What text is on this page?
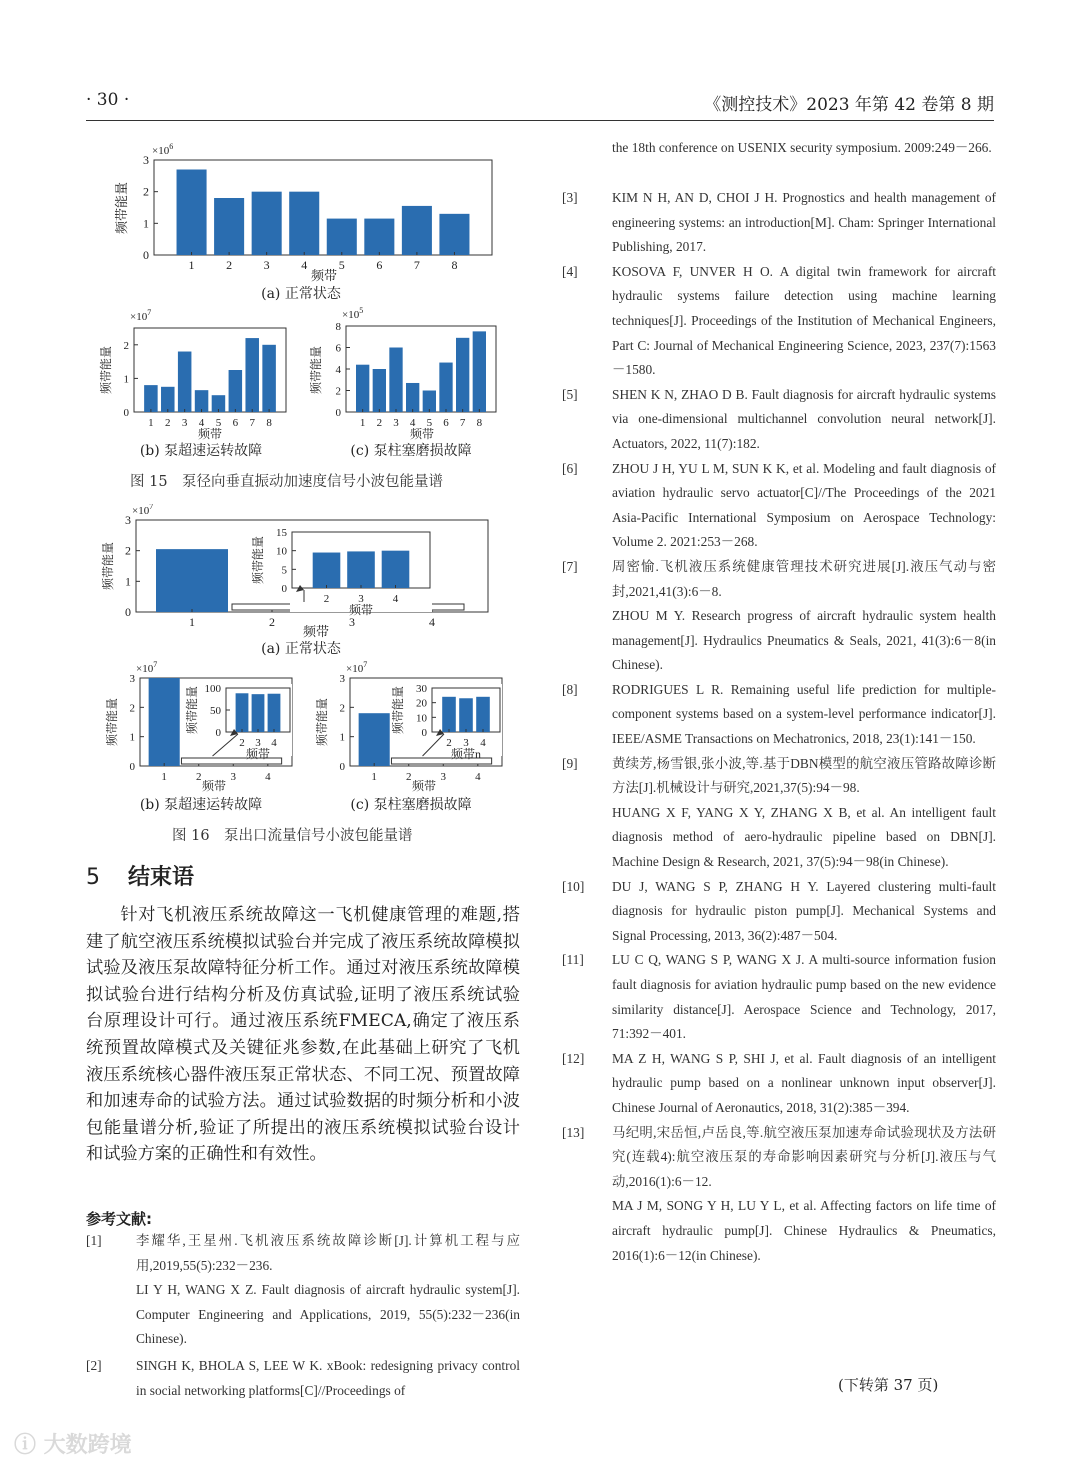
· 30 ·	《测控技术》2023 年第 42 卷第 8 期
0
1
2
3
1	2	3	4	5	6	7	8
$\times 10^6$
频带能量
频带
(a) 正常状态
0
1
2
1 2 3 4 5 6 7 8
$\times 10^7$
频带能量
频带
0
2
4
6
8
1 2 3 4 5 6 7 8
$\times 10^5$
频带能量
频带
(b) 泵超速运转故障	(c) 泵柱塞磨损故障
图 15　泵径向垂直振动加速度信号小波包能量谱
0
1
2
3
1	2	3	4
$\times 10^7$
频带能量	0
5
10
15
2	3	4
频带能量
频带
频带
(a) 正常状态
0
1
2
3
1	2	3	4
$\times 10^7$
频带能量	0
50
100
2 3 4
频带能量
频带
频带
0
1
2
3
1	2	3	4
$\times 10^7$
频带能量	0
10
20
30
2 3 4
频带能量
频带n
频带
(b) 泵超速运转故障	(c) 泵柱塞磨损故障
图 16　泵出口流量信号小波包能量谱
5 结束语
针对飞机液压系统故障这一飞机健康管理的难题,搭建了航空液压系统模拟试验台并完成了液压系统故障模拟试验及液压泵故障特征分析工作。通过对液压系统故障模拟试验台进行结构分析及仿真试验,证明了液压系统试验台原理设计可行。通过液压系统FMECA,确定了液压系统预置故障模式及关键征兆参数,在此基础上研究了飞机液压系统核心器件液压泵正常状态、不同工况、预置故障和加速寿命的试验方法。通过试验数据的时频分析和小波包能量谱分析,验证了所提出的液压系统模拟试验台设计和试验方案的正确性和有效性。
参考文献:
[1]	李耀华,王星州.飞机液压系统故障诊断[J].计算机工程与应用,2019,55(5):232－236.
LI Y H, WANG X Z. Fault diagnosis of aircraft hydraulic system[J]. Computer Engineering and Applications, 2019, 55(5):232－236(in Chinese).
[2]	SINGH K, BHOLA S, LEE W K. xBook: redesigning privacy control in social networking platforms[C]//Proceedings of
the 18th conference on USENIX security symposium. 2009:249－266.
[3]	KIM N H, AN D, CHOI J H. Prognostics and health management of engineering systems: an introduction[M]. Cham: Springer International Publishing, 2017.
[4]	KOSOVA F, UNVER H O. A digital twin framework for aircraft hydraulic systems failure detection using machine learning techniques[J]. Proceedings of the Institution of Mechanical Engineers, Part C: Journal of Mechanical Engineering Science, 2023, 237(7):1563－1580.
[5]	SHEN K N, ZHAO D B. Fault diagnosis for aircraft hydraulic systems via one-dimensional multichannel convolution neural network[J]. Actuators, 2022, 11(7):182.
[6]	ZHOU J H, YU L M, SUN K K, et al. Modeling and fault diagnosis of aviation hydraulic servo actuator[C]//The Proceedings of the 2021 Asia-Pacific International Symposium on Aerospace Technology: Volume 2. 2021:253－268.
[7]	周密愉.飞机液压系统健康管理技术研究进展[J].液压气动与密封,2021,41(3):6－8.
ZHOU M Y. Research progress of aircraft hydraulic system health management[J]. Hydraulics Pneumatics & Seals, 2021, 41(3):6－8(in Chinese).
[8]	RODRIGUES L R. Remaining useful life prediction for multiple-component systems based on a system-level performance indicator[J]. IEEE/ASME Transactions on Mechatronics, 2018, 23(1):141－150.
[9]	黄续芳,杨雪银,张小波,等.基于DBN模型的航空液压管路故障诊断方法[J].机械设计与研究,2021,37(5):94－98.
HUANG X F, YANG X Y, ZHANG X B, et al. An intelligent fault diagnosis method of aero-hydraulic pipeline based on DBN[J]. Machine Design & Research, 2021, 37(5):94－98(in Chinese).
[10]	DU J, WANG S P, ZHANG H Y. Layered clustering multi-fault diagnosis for hydraulic piston pump[J]. Mechanical Systems and Signal Processing, 2013, 36(2):487－504.
[11]	LU C Q, WANG S P, WANG X J. A multi-source information fusion fault diagnosis for aviation hydraulic pump based on the new evidence similarity distance[J]. Aerospace Science and Technology, 2017, 71:392－401.
[12]	MA Z H, WANG S P, SHI J, et al. Fault diagnosis of an intelligent hydraulic pump based on a nonlinear unknown input observer[J]. Chinese Journal of Aeronautics, 2018, 31(2):385－394.
[13]	马纪明,宋岳恒,卢岳良,等.航空液压泵加速寿命试验现状及方法研究(连载4):航空液压泵的寿命影响因素研究与分析[J].液压与气动,2016(1):6－12.
MA J M, SONG Y H, LU Y L, et al. Affecting factors on life time of aircraft hydraulic pump[J]. Chinese Hydraulics & Pneumatics, 2016(1):6－12(in Chinese).
(下转第 37 页)
ⓘ 大数跨境
